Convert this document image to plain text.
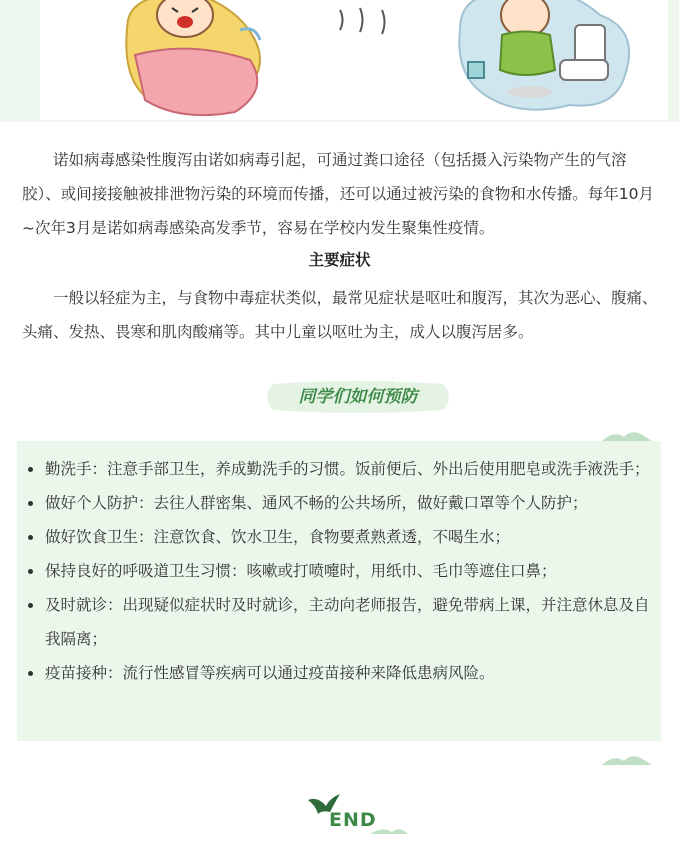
诺如病毒感染性腹泻由诺如病毒引起，可通过粪口途径（包括摄入污染物产生的气溶胶）、或间接接触被排泄物污染的环境而传播，还可以通过被污染的食物和水传播。每年10月~次年3月是诺如病毒感染高发季节，容易在学校内发生聚集性疫情。

主要症状

一般以轻症为主，与食物中毒症状类似，最常见症状是呕吐和腹泻，其次为恶心、腹痛、头痛、发热、畏寒和肌肉酸痛等。其中儿童以呕吐为主，成人以腹泻居多。

同学们如何预防
勤洗手：注意手部卫生，养成勤洗手的习惯。饭前便后、外出后使用肥皂或洗手液洗手；
做好个人防护：去往人群密集、通风不畅的公共场所，做好戴口罩等个人防护；
做好饮食卫生：注意饮食、饮水卫生，食物要煮熟煮透，不喝生水；
保持良好的呼吸道卫生习惯：咳嗽或打喷嚏时，用纸巾、毛巾等遮住口鼻；
及时就诊：出现疑似症状时及时就诊，主动向老师报告，避免带病上课，并注意休息及自我隔离；
疫苗接种：流行性感冒等疾病可以通过疫苗接种来降低患病风险。
END
